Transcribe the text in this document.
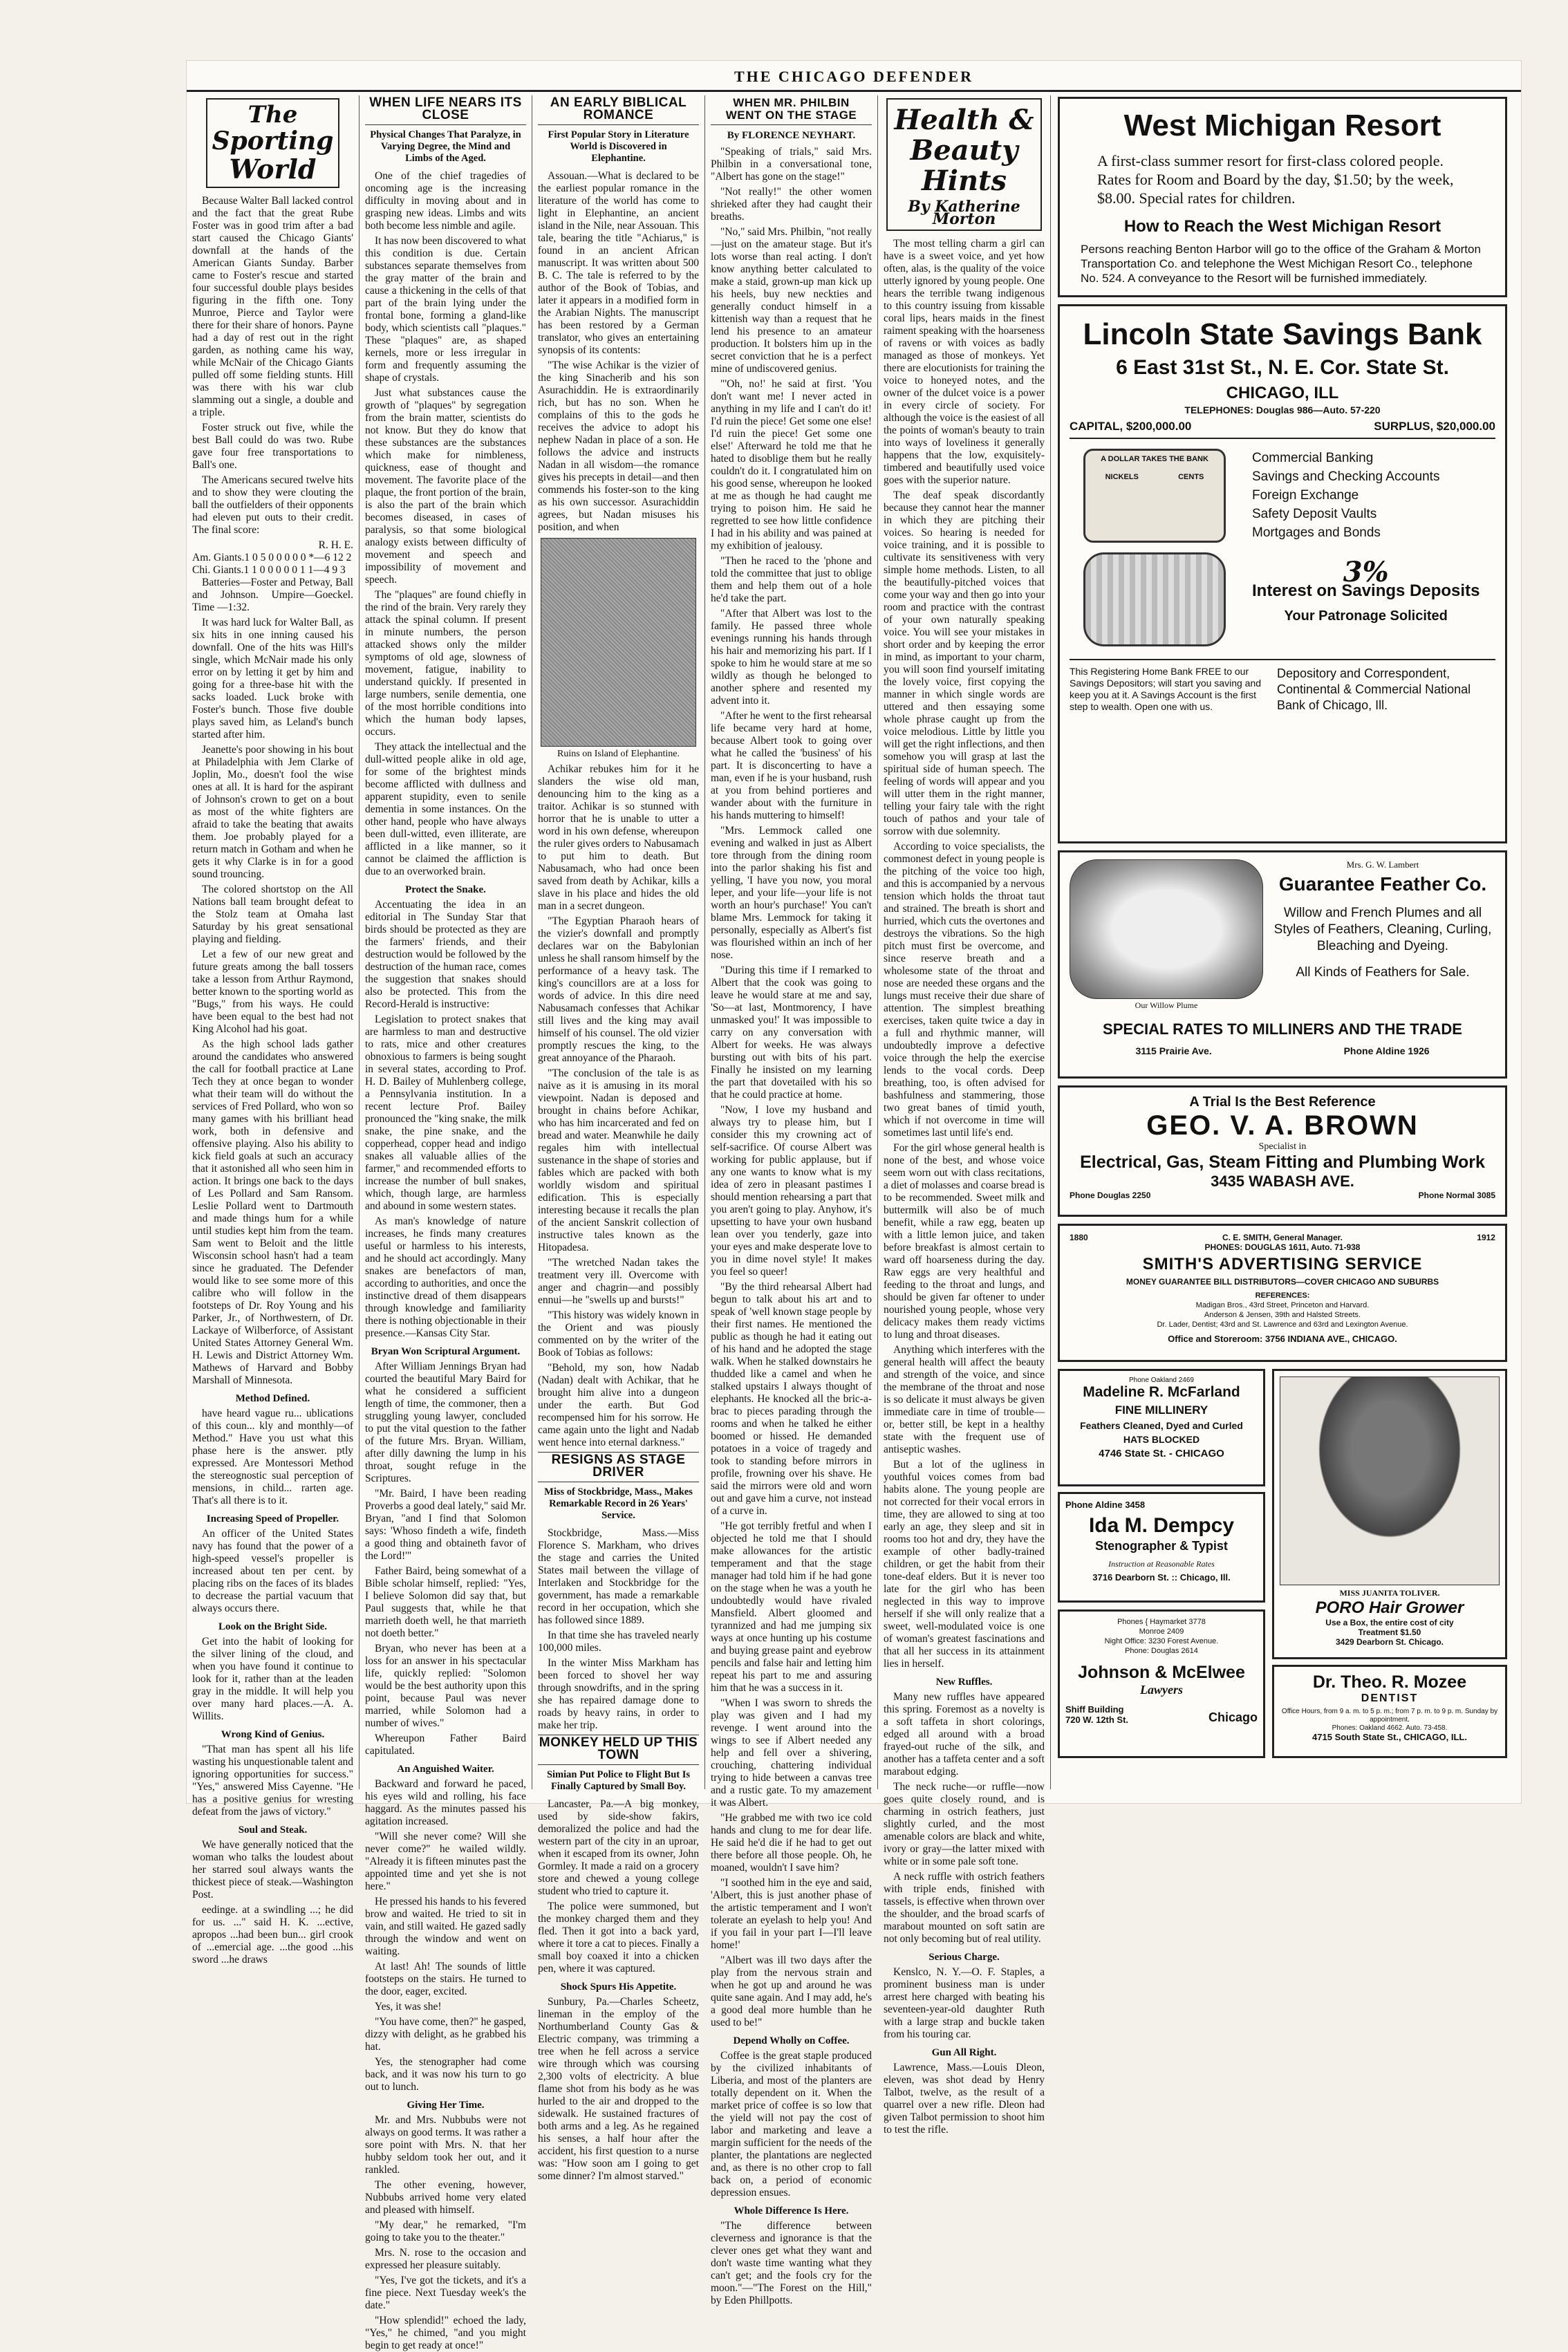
THE CHICAGO DEFENDER
The
Sporting
World

Because Walter Ball lacked control and the fact that the great Rube Foster was in good trim after a bad start caused the Chicago Giants' downfall at the hands of the American Giants Sunday. Barber came to Foster's rescue and started four successful double plays besides figuring in the fifth one. Tony Munroe, Pierce and Taylor were there for their share of honors. Payne had a day of rest out in the right garden, as nothing came his way, while McNair of the Chicago Giants pulled off some fielding stunts. Hill was there with his war club slamming out a single, a double and a triple.

Foster struck out five, while the best Ball could do was two. Rube gave four free transportations to Ball's one.

The Americans secured twelve hits and to show they were clouting the ball the outfielders of their opponents had eleven put outs to their credit. The final score:

R. H. E.
Am. Giants.1 0 5 0 0 0 0 0 *—6 12 2
Chi. Giants.1 1 0 0 0 0 0 1 1—4 9 3

Batteries—Foster and Petway, Ball and Johnson. Umpire—Goeckel. Time —1:32.

It was hard luck for Walter Ball, as six hits in one inning caused his downfall. One of the hits was Hill's single, which McNair made his only error on by letting it get by him and going for a three-base hit with the sacks loaded. Luck broke with Foster's bunch. Those five double plays saved him, as Leland's bunch started after him.

Jeanette's poor showing in his bout at Philadelphia with Jem Clarke of Joplin, Mo., doesn't fool the wise ones at all. It is hard for the aspirant of Johnson's crown to get on a bout as most of the white fighters are afraid to take the beating that awaits them. Joe probably played for a return match in Gotham and when he gets it why Clarke is in for a good sound trouncing.

The colored shortstop on the All Nations ball team brought defeat to the Stolz team at Omaha last Saturday by his great sensational playing and fielding.

Let a few of our new great and future greats among the ball tossers take a lesson from Arthur Raymond, better known to the sporting world as "Bugs," from his ways. He could have been equal to the best had not King Alcohol had his goat.

As the high school lads gather around the candidates who answered the call for football practice at Lane Tech they at once began to wonder what their team will do without the services of Fred Pollard, who won so many games with his brilliant head work, both in defensive and offensive playing. Also his ability to kick field goals at such an accuracy that it astonished all who seen him in action. It brings one back to the days of Les Pollard and Sam Ransom. Leslie Pollard went to Dartmouth and made things hum for a while until studies kept him from the team. Sam went to Beloit and the little Wisconsin school hasn't had a team since he graduated. The Defender would like to see some more of this calibre who will follow in the footsteps of Dr. Roy Young and his Parker, Jr., of Northwestern, of Dr. Lackaye of Wilberforce, of Assistant United States Attorney General Wm. H. Lewis and District Attorney Wm. Mathews of Harvard and Bobby Marshall of Minnesota.

Method Defined.

have heard vague ru... ublications of this coun... kly and monthly—of Method." Have you ust what this phase here is the answer. ptly expressed. Are Montessori Method the stereognostic sual perception of mensions, in child... rarten age. That's all there is to it.

Increasing Speed of Propeller.

An officer of the United States navy has found that the power of a high-speed vessel's propeller is increased about ten per cent. by placing ribs on the faces of its blades to decrease the partial vacuum that always occurs there.

Look on the Bright Side.

Get into the habit of looking for the silver lining of the cloud, and when you have found it continue to look for it, rather than at the leaden gray in the middle. It will help you over many hard places.—A. A. Willits.

Wrong Kind of Genius.

"That man has spent all his life wasting his unquestionable talent and ignoring opportunities for success." "Yes," answered Miss Cayenne. "He has a positive genius for wresting defeat from the jaws of victory."

Soul and Steak.

We have generally noticed that the woman who talks the loudest about her starred soul always wants the thickest piece of steak.—Washington Post.

eedinge. at a swindling ...; he did for us. ..." said H. K. ...ective, apropos ...had been bun... girl crook of ...emercial age. ...the good ...his sword ...he draws

WHEN LIFE NEARS ITS CLOSE
Physical Changes That Paralyze, in Varying Degree, the Mind and Limbs of the Aged.

One of the chief tragedies of oncoming age is the increasing difficulty in moving about and in grasping new ideas. Limbs and wits both become less nimble and agile.

It has now been discovered to what this condition is due. Certain substances separate themselves from the gray matter of the brain and cause a thickening in the cells of that part of the brain lying under the frontal bone, forming a gland-like body, which scientists call "plaques." These "plaques" are, as shaped kernels, more or less irregular in form and frequently assuming the shape of crystals.

Just what substances cause the growth of "plaques" by segregation from the brain matter, scientists do not know. But they do know that these substances are the substances which make for nimbleness, quickness, ease of thought and movement. The favorite place of the plaque, the front portion of the brain, is also the part of the brain which becomes diseased, in cases of paralysis, so that some biological analogy exists between difficulty of movement and speech and impossibility of movement and speech.

The "plaques" are found chiefly in the rind of the brain. Very rarely they attack the spinal column. If present in minute numbers, the person attacked shows only the milder symptoms of old age, slowness of movement, fatigue, inability to understand quickly. If presented in large numbers, senile dementia, one of the most horrible conditions into which the human body lapses, occurs.

They attack the intellectual and the dull-witted people alike in old age, for some of the brightest minds become afflicted with dullness and apparent stupidity, even to senile dementia in some instances. On the other hand, people who have always been dull-witted, even illiterate, are afflicted in a like manner, so it cannot be claimed the affliction is due to an overworked brain.

Protect the Snake.

Accentuating the idea in an editorial in The Sunday Star that birds should be protected as they are the farmers' friends, and their destruction would be followed by the destruction of the human race, comes the suggestion that snakes should also be protected. This from the Record-Herald is instructive:

Legislation to protect snakes that are harmless to man and destructive to rats, mice and other creatures obnoxious to farmers is being sought in several states, according to Prof. H. D. Bailey of Muhlenberg college, a Pennsylvania institution. In a recent lecture Prof. Bailey pronounced the "king snake, the milk snake, the pine snake, and the copperhead, copper head and indigo snakes all valuable allies of the farmer," and recommended efforts to increase the number of bull snakes, which, though large, are harmless and abound in some western states.

As man's knowledge of nature increases, he finds many creatures useful or harmless to his interests, and he should act accordingly. Many snakes are benefactors of man, according to authorities, and once the instinctive dread of them disappears through knowledge and familiarity there is nothing objectionable in their presence.—Kansas City Star.

Bryan Won Scriptural Argument.

After William Jennings Bryan had courted the beautiful Mary Baird for what he considered a sufficient length of time, the commoner, then a struggling young lawyer, concluded to put the vital question to the father of the future Mrs. Bryan. William, after dilly dawning the lump in his throat, sought refuge in the Scriptures.

"Mr. Baird, I have been reading Proverbs a good deal lately," said Mr. Bryan, "and I find that Solomon says: 'Whoso findeth a wife, findeth a good thing and obtaineth favor of the Lord!'"

Father Baird, being somewhat of a Bible scholar himself, replied: "Yes, I believe Solomon did say that, but Paul suggests that, while he that marrieth doeth well, he that marrieth not doeth better."

Bryan, who never has been at a loss for an answer in his spectacular life, quickly replied: "Solomon would be the best authority upon this point, because Paul was never married, while Solomon had a number of wives."

Whereupon Father Baird capitulated.

An Anguished Waiter.

Backward and forward he paced, his eyes wild and rolling, his face haggard. As the minutes passed his agitation increased.

"Will she never come? Will she never come?" he wailed wildly. "Already it is fifteen minutes past the appointed time and yet she is not here."

He pressed his hands to his fevered brow and waited. He tried to sit in vain, and still waited. He gazed sadly through the window and went on waiting.

At last! Ah! The sounds of little footsteps on the stairs. He turned to the door, eager, excited.

Yes, it was she!

"You have come, then?" he gasped, dizzy with delight, as he grabbed his hat.

Yes, the stenographer had come back, and it was now his turn to go out to lunch.

Giving Her Time.

Mr. and Mrs. Nubbubs were not always on good terms. It was rather a sore point with Mrs. N. that her hubby seldom took her out, and it rankled.

The other evening, however, Nubbubs arrived home very elated and pleased with himself.

"My dear," he remarked, "I'm going to take you to the theater."

Mrs. N. rose to the occasion and expressed her pleasure suitably.

"Yes, I've got the tickets, and it's a fine piece. Next Tuesday week's the date."

"How splendid!" echoed the lady, "Yes," he chimed, "and you might begin to get ready at once!"

AN EARLY BIBLICAL ROMANCE
First Popular Story in Literature World is Discovered in Elephantine.

Assouan.—What is declared to be the earliest popular romance in the literature of the world has come to light in Elephantine, an ancient island in the Nile, near Assouan. This tale, bearing the title "Achiarus," is found in an ancient African manuscript. It was written about 500 B. C. The tale is referred to by the author of the Book of Tobias, and later it appears in a modified form in the Arabian Nights. The manuscript has been restored by a German translator, who gives an entertaining synopsis of its contents:

"The wise Achikar is the vizier of the king Sinacherib and his son Asurachiddin. He is extraordinarily rich, but has no son. When he complains of this to the gods he receives the advice to adopt his nephew Nadan in place of a son. He follows the advice and instructs Nadan in all wisdom—the romance gives his precepts in detail—and then commends his foster-son to the king as his own successor. Asurachiddin agrees, but Nadan misuses his position, and when

Ruins on Island of Elephantine.

Achikar rebukes him for it he slanders the wise old man, denouncing him to the king as a traitor. Achikar is so stunned with horror that he is unable to utter a word in his own defense, whereupon the ruler gives orders to Nabusamach to put him to death. But Nabusamach, who had once been saved from death by Achikar, kills a slave in his place and hides the old man in a secret dungeon.

"The Egyptian Pharaoh hears of the vizier's downfall and promptly declares war on the Babylonian unless he shall ransom himself by the performance of a heavy task. The king's councillors are at a loss for words of advice. In this dire need Nabusamach confesses that Achikar still lives and the king may avail himself of his counsel. The old vizier promptly rescues the king, to the great annoyance of the Pharaoh.

"The conclusion of the tale is as naive as it is amusing in its moral viewpoint. Nadan is deposed and brought in chains before Achikar, who has him incarcerated and fed on bread and water. Meanwhile he daily regales him with intellectual sustenance in the shape of stories and fables which are packed with both worldly wisdom and spiritual edification. This is especially interesting because it recalls the plan of the ancient Sanskrit collection of instructive tales known as the Hitopadesa.

"The wretched Nadan takes the treatment very ill. Overcome with anger and chagrin—and possibly ennui—he "swells up and bursts!"

"This history was widely known in the Orient and was piously commented on by the writer of the Book of Tobias as follows:

"Behold, my son, how Nadab (Nadan) dealt with Achikar, that he brought him alive into a dungeon under the earth. But God recompensed him for his sorrow. He came again unto the light and Nadab went hence into eternal darkness."

RESIGNS AS STAGE DRIVER
Miss of Stockbridge, Mass., Makes Remarkable Record in 26 Years' Service.

Stockbridge, Mass.—Miss Florence S. Markham, who drives the stage and carries the United States mail between the village of Interlaken and Stockbridge for the government, has made a remarkable record in her occupation, which she has followed since 1889.

In that time she has traveled nearly 100,000 miles.

In the winter Miss Markham has been forced to shovel her way through snowdrifts, and in the spring she has repaired damage done to roads by heavy rains, in order to make her trip.

MONKEY HELD UP THIS TOWN
Simian Put Police to Flight But Is Finally Captured by Small Boy.

Lancaster, Pa.—A big monkey, used by side-show fakirs, demoralized the police and had the western part of the city in an uproar, when it escaped from its owner, John Gormley. It made a raid on a grocery store and chewed a young college student who tried to capture it.

The police were summoned, but the monkey charged them and they fled. Then it got into a back yard, where it tore a cat to pieces. Finally a small boy coaxed it into a chicken pen, where it was captured.

Shock Spurs His Appetite.

Sunbury, Pa.—Charles Scheetz, lineman in the employ of the Northumberland County Gas & Electric company, was trimming a tree when he fell across a service wire through which was coursing 2,300 volts of electricity. A blue flame shot from his body as he was hurled to the air and dropped to the sidewalk. He sustained fractures of both arms and a leg. As he regained his senses, a half hour after the accident, his first question to a nurse was: "How soon am I going to get some dinner? I'm almost starved."

WHEN MR. PHILBIN
WENT ON THE STAGE
By FLORENCE NEYHART.

"Speaking of trials," said Mrs. Philbin in a conversational tone, "Albert has gone on the stage!"

"Not really!" the other women shrieked after they had caught their breaths.

"No," said Mrs. Philbin, "not really —just on the amateur stage. But it's lots worse than real acting. I don't know anything better calculated to make a staid, grown-up man kick up his heels, buy new neckties and generally conduct himself in a kittenish way than a request that he lend his presence to an amateur production. It bolsters him up in the secret conviction that he is a perfect mine of undiscovered genius.

"'Oh, no!' he said at first. 'You don't want me! I never acted in anything in my life and I can't do it! I'd ruin the piece! Get some one else! I'd ruin the piece! Get some one else!' Afterward he told me that he hated to disoblige them but he really couldn't do it. I congratulated him on his good sense, whereupon he looked at me as though he had caught me trying to poison him. He said he regretted to see how little confidence I had in his ability and was pained at my exhibition of jealousy.

"Then he raced to the 'phone and told the committee that just to oblige them and help them out of a hole he'd take the part.

"After that Albert was lost to the family. He passed three whole evenings running his hands through his hair and memorizing his part. If I spoke to him he would stare at me so wildly as though he belonged to another sphere and resented my advent into it.

"After he went to the first rehearsal life became very hard at home, because Albert took to going over what he called the 'business' of his part. It is disconcerting to have a man, even if he is your husband, rush at you from behind portieres and wander about with the furniture in his hands muttering to himself!

"Mrs. Lemmock called one evening and walked in just as Albert tore through from the dining room into the parlor shaking his fist and yelling, 'I have you now, you moral leper, and your life—your life is not worth an hour's purchase!' You can't blame Mrs. Lemmock for taking it personally, especially as Albert's fist was flourished within an inch of her nose.

"During this time if I remarked to Albert that the cook was going to leave he would stare at me and say, 'So—at last, Montmorency, I have unmasked you!' It was impossible to carry on any conversation with Albert for weeks. He was always bursting out with bits of his part. Finally he insisted on my learning the part that dovetailed with his so that he could practice at home.

"Now, I love my husband and always try to please him, but I consider this my crowning act of self-sacrifice. Of course Albert was working for public applause, but if any one wants to know what is my idea of zero in pleasant pastimes I should mention rehearsing a part that you aren't going to play. Anyhow, it's upsetting to have your own husband lean over you tenderly, gaze into your eyes and make desperate love to you in dime novel style! It makes you feel so queer!

"By the third rehearsal Albert had begun to talk about his art and to speak of 'well known stage people by their first names. He mentioned the public as though he had it eating out of his hand and he adopted the stage walk. When he stalked downstairs he thudded like a camel and when he stalked upstairs I always thought of elephants. He knocked all the bric-a-brac to pieces parading through the rooms and when he talked he either boomed or hissed. He demanded potatoes in a voice of tragedy and took to standing before mirrors in profile, frowning over his shave. He said the mirrors were old and worn out and gave him a curve, not instead of a curve in.

"He got terribly fretful and when I objected he told me that I should make allowances for the artistic temperament and that the stage manager had told him if he had gone on the stage when he was a youth he undoubtedly would have rivaled Mansfield. Albert gloomed and tyrannized and had me jumping six ways at once hunting up his costume and buying grease paint and eyebrow pencils and false hair and letting him repeat his part to me and assuring him that he was a success in it.

"When I was sworn to shreds the play was given and I had my revenge. I went around into the wings to see if Albert needed any help and fell over a shivering, crouching, chattering individual trying to hide between a canvas tree and a rustic gate. To my amazement it was Albert.

"He grabbed me with two ice cold hands and clung to me for dear life. He said he'd die if he had to get out there before all those people. Oh, he moaned, wouldn't I save him?

"I soothed him in the eye and said, 'Albert, this is just another phase of the artistic temperament and I won't tolerate an eyelash to help you! And if you fail in your part I—I'll leave home!'

"Albert was ill two days after the play from the nervous strain and when he got up and around he was quite sane again. And I may add, he's a good deal more humble than he used to be!"

Depend Wholly on Coffee.

Coffee is the great staple produced by the civilized inhabitants of Liberia, and most of the planters are totally dependent on it. When the market price of coffee is so low that the yield will not pay the cost of labor and marketing and leave a margin sufficient for the needs of the planter, the plantations are neglected and, as there is no other crop to fall back on, a period of economic depression ensues.

Whole Difference Is Here.

"The difference between cleverness and ignorance is that the clever ones get what they want and don't waste time wanting what they can't get; and the fools cry for the moon."—"The Forest on the Hill," by Eden Phillpotts.

Health &
Beauty
Hints
By Katherine Morton

The most telling charm a girl can have is a sweet voice, and yet how often, alas, is the quality of the voice utterly ignored by young people. One hears the terrible twang indigenous to this country issuing from kissable coral lips, hears maids in the finest raiment speaking with the hoarseness of ravens or with voices as badly managed as those of monkeys. Yet there are elocutionists for training the voice to honeyed notes, and the owner of the dulcet voice is a power in every circle of society. For although the voice is the easiest of all the points of woman's beauty to train into ways of loveliness it generally happens that the low, exquisitely-timbered and beautifully used voice goes with the superior nature.

The deaf speak discordantly because they cannot hear the manner in which they are pitching their voices. So hearing is needed for voice training, and it is possible to cultivate its sensitiveness with very simple home methods. Listen, to all the beautifully-pitched voices that come your way and then go into your room and practice with the contrast of your own naturally speaking voice. You will see your mistakes in short order and by keeping the error in mind, as important to your charm, you will soon find yourself imitating the lovely voice, first copying the manner in which single words are uttered and then essaying some whole phrase caught up from the voice melodious. Little by little you will get the right inflections, and then somehow you will grasp at last the spiritual side of human speech. The feeling of words will appear and you will utter them in the right manner, telling your fairy tale with the right touch of pathos and your tale of sorrow with due solemnity.

According to voice specialists, the commonest defect in young people is the pitching of the voice too high, and this is accompanied by a nervous tension which holds the throat taut and strained. The breath is short and hurried, which cuts the overtones and destroys the vibrations. So the high pitch must first be overcome, and since reserve breath and a wholesome state of the throat and nose are needed these organs and the lungs must receive their due share of attention. The simplest breathing exercises, taken quite twice a day in a full and rhythmic manner, will undoubtedly improve a defective voice through the help the exercise lends to the vocal cords. Deep breathing, too, is often advised for bashfulness and stammering, those two great banes of timid youth, which if not overcome in time will sometimes last until life's end.

For the girl whose general health is none of the best, and whose voice seem worn out with class recitations, a diet of molasses and coarse bread is to be recommended. Sweet milk and buttermilk will also be of much benefit, while a raw egg, beaten up with a little lemon juice, and taken before breakfast is almost certain to ward off hoarseness during the day. Raw eggs are very healthful and feeding to the throat and lungs, and should be given far oftener to under nourished young people, whose very delicacy makes them ready victims to lung and throat diseases.

Anything which interferes with the general health will affect the beauty and strength of the voice, and since the membrane of the throat and nose is so delicate it must always be given immediate care in time of trouble—or, better still, be kept in a healthy state with the frequent use of antiseptic washes.

But a lot of the ugliness in youthful voices comes from bad habits alone. The young people are not corrected for their vocal errors in time, they are allowed to sing at too early an age, they sleep and sit in rooms too hot and dry, they have the example of other badly-trained children, or get the habit from their tone-deaf elders. But it is never too late for the girl who has been neglected in this way to improve herself if she will only realize that a sweet, well-modulated voice is one of woman's greatest fascinations and that all her success in its attainment lies in herself.

New Ruffles.

Many new ruffles have appeared this spring. Foremost as a novelty is a soft taffeta in short colorings, edged all around with a broad frayed-out ruche of the silk, and another has a taffeta center and a soft marabout edging.

The neck ruche—or ruffle—now goes quite closely round, and is charming in ostrich feathers, just slightly curled, and the most amenable colors are black and white, ivory or gray—the latter mixed with white or in some pale soft tone.

A neck ruffle with ostrich feathers with triple ends, finished with tassels, is effective when thrown over the shoulder, and the broad scarfs of marabout mounted on soft satin are not only becoming but of real utility.

Serious Charge.

Kenslco, N. Y.—O. F. Staples, a prominent business man is under arrest here charged with beating his seventeen-year-old daughter Ruth with a large strap and buckle taken from his touring car.

Gun All Right.

Lawrence, Mass.—Louis Dleon, eleven, was shot dead by Henry Talbot, twelve, as the result of a quarrel over a new rifle. Dleon had given Talbot permission to shoot him to test the rifle.

West Michigan Resort
A first-class summer resort for first-class colored people. Rates for Room and Board by the day, $1.50; by the week, $8.00. Special rates for children.
How to Reach the West Michigan Resort
Persons reaching Benton Harbor will go to the office of the Graham & Morton Transportation Co. and telephone the West Michigan Resort Co., telephone No. 524. A conveyance to the Resort will be furnished immediately.
Lincoln State Savings Bank
6 East 31st St., N. E. Cor. State St.
CHICAGO, ILL
TELEPHONES: Douglas 986—Auto. 57-220
CAPITAL, $200,000.00	SURPLUS, $20,000.00
A DOLLAR TAKES THE BANK
NICKELS	CENTS
Commercial Banking
Savings and Checking Accounts
Foreign Exchange
Safety Deposit Vaults
Mortgages and Bonds
3%
Interest on Savings Deposits
Your Patronage Solicited
This Registering Home Bank FREE to our Savings Depositors; will start you saving and keep you at it. A Savings Account is the first step to wealth. Open one with us.
Depository and Correspondent, Continental & Commercial National Bank of Chicago, Ill.
Our Willow Plume
Mrs. G. W. Lambert
Guarantee Feather Co.
Willow and French Plumes and all Styles of Feathers, Cleaning, Curling, Bleaching and Dyeing.
All Kinds of Feathers for Sale.
SPECIAL RATES TO MILLINERS AND THE TRADE
3115 Prairie Ave.	Phone Aldine 1926
A Trial Is the Best Reference
GEO. V. A. BROWN
Specialist in
Electrical, Gas, Steam Fitting and Plumbing Work
3435 WABASH AVE.
Phone Douglas 2250	Phone Normal 3085
1880	C. E. SMITH, General Manager.	1912
PHONES: DOUGLAS 1611, Auto. 71-938
SMITH'S ADVERTISING SERVICE
MONEY GUARANTEE BILL DISTRIBUTORS—COVER CHICAGO AND SUBURBS
REFERENCES:
Madigan Bros., 43rd Street, Princeton and Harvard.
Anderson & Jensen, 39th and Halsted Streets.
Dr. Lader, Dentist; 43rd and St. Lawrence and 63rd and Lexington Avenue.
Office and Storeroom: 3756 INDIANA AVE., CHICAGO.
Phone Oakland 2469
Madeline R. McFarland
FINE MILLINERY
Feathers Cleaned, Dyed and Curled
HATS BLOCKED
4746 State St. - CHICAGO
Phone Aldine 3458
Ida M. Dempcy
Stenographer & Typist
Instruction at Reasonable Rates
3716 Dearborn St. :: Chicago, Ill.
Phones { Haymarket 3778
Monroe 2409
Night Office: 3230 Forest Avenue.
Phone: Douglas 2614
Johnson & McElwee
Lawyers
Shiff Building
720 W. 12th St.	Chicago
MISS JUANITA TOLIVER.
PORO Hair Grower
Use a Box, the entire cost of city
Treatment $1.50
3429 Dearborn St. Chicago.
Dr. Theo. R. Mozee
DENTIST
Office Hours, from 9 a. m. to 5 p. m.; from 7 p. m. to 9 p. m. Sunday by appointment.
Phones: Oakland 4662. Auto. 73-458.
4715 South State St., CHICAGO, ILL.
